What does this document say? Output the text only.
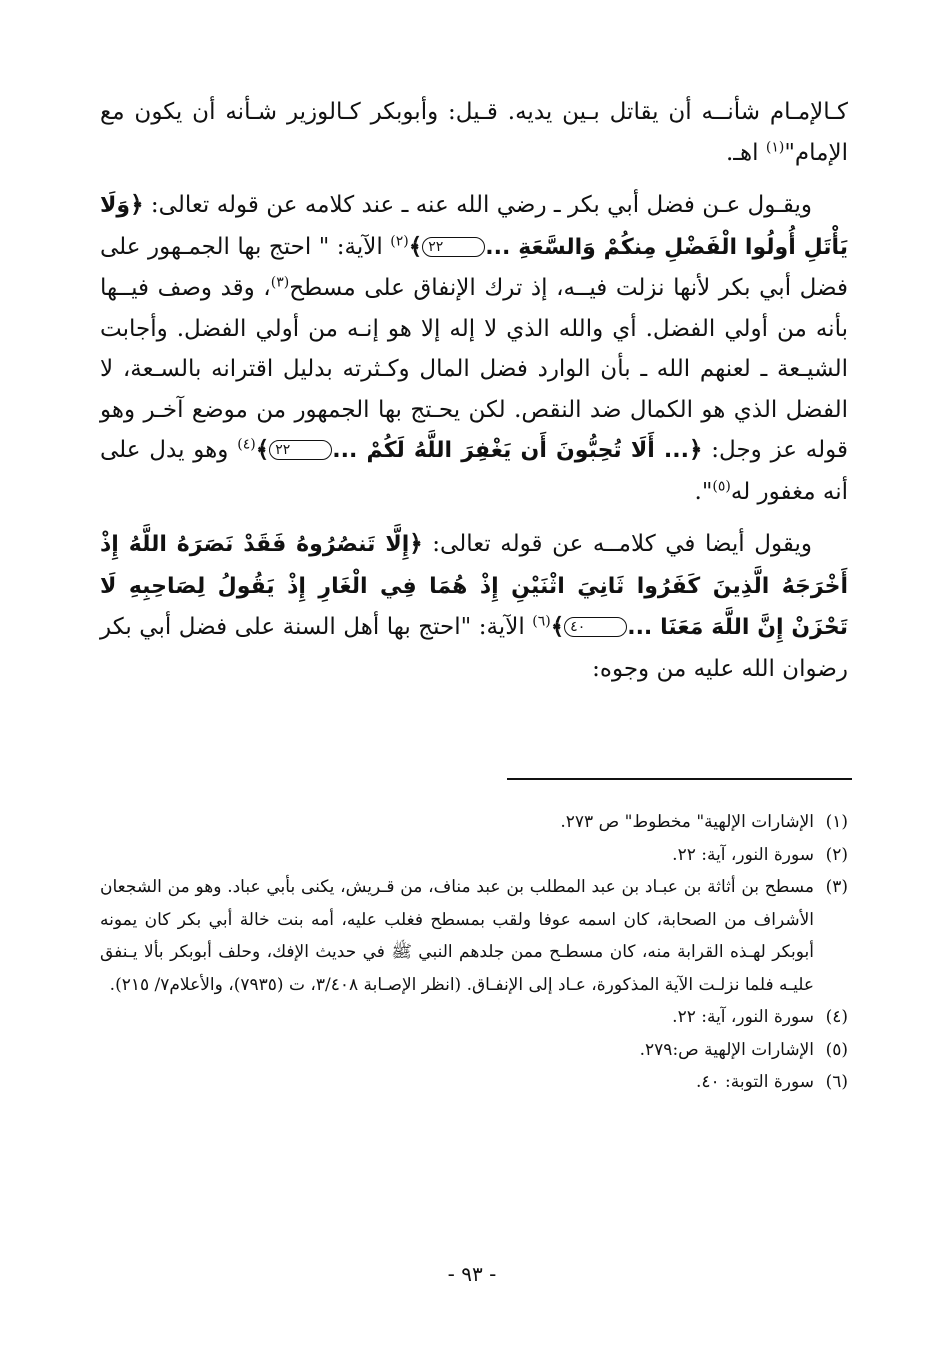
كـالإمـام شأنــه أن يقاتل بـين يديه. قـيل: وأبوبكر كـالوزير شـأنه أن يكون مع الإمام"$^{(١)}$ اهـ.

ويقـول عـن فضل أبي بكر ـ رضي الله عنه ـ عند كلامه عن قوله تعالى: ﴿وَلَا يَأْتَلِ أُولُوا الْفَضْلِ مِنكُمْ وَالسَّعَةِ ...٢٢﴾$^{(٢)}$ الآية: " احتج بها الجمـهور على فضل أبي بكر لأنها نزلت فيــه، إذ ترك الإنفاق على مسطح$^{(٣)}$، وقد وصف فيــها بأنه من أولي الفضل. أي والله الذي لا إله إلا هو إنـه من أولي الفضل. وأجابت الشيـعة ـ لعنهم الله ـ بأن الوارد فضل المال وكـثرته بدليل اقترانه بالسـعة، لا الفضل الذي هو الكمال ضد النقص. لكن يحـتج بها الجمهور من موضع آخـر وهو قوله عز وجل: ﴿... أَلَا تُحِبُّونَ أَن يَغْفِرَ اللَّهُ لَكُمْ ...٢٢﴾$^{(٤)}$ وهو يدل على أنه مغفور له$^{(٥)}$".

ويقول أيضا في كلامــه عن قوله تعالى: ﴿إِلَّا تَنصُرُوهُ فَقَدْ نَصَرَهُ اللَّهُ إِذْ أَخْرَجَهُ الَّذِينَ كَفَرُوا ثَانِيَ اثْنَيْنِ إِذْ هُمَا فِي الْغَارِ إِذْ يَقُولُ لِصَاحِبِهِ لَا تَحْزَنْ إِنَّ اللَّهَ مَعَنَا ...٤٠﴾$^{(٦)}$ الآية: "احتج بها أهل السنة على فضل أبي بكر رضوان الله عليه من وجوه:

(١)الإشارات الإلهية" مخطوط" ص ٢٧٣.

(٢)سورة النور، آية: ٢٢.

(٣)مسطح بن أثاثة بن عبـاد بن عبد المطلب بن عبد مناف، من قـريش، يكنى بأبي عباد. وهو من الشجعان الأشراف من الصحابة، كان اسمه عوفا ولقب بمسطح فغلب عليه، أمه بنت خالة أبي بكر كان يمونه أبوبكر لهـذه القرابة منه، كان مسطـح ممن جلدهم النبي ﷺ في حديث الإفك، وحلف أبوبكر بألا يـنفق عليـه فلما نزلـت الآية المذكورة، عـاد إلى الإنفـاق. (انظر الإصـابة ٣/٤٠٨، ت (٧٩٣٥)، والأعلام٧/ ٢١٥).

(٤)سورة النور، آية: ٢٢.

(٥)الإشارات الإلهية ص:٢٧٩.

(٦)سورة التوبة: ٤٠.

- ٩٣ -
